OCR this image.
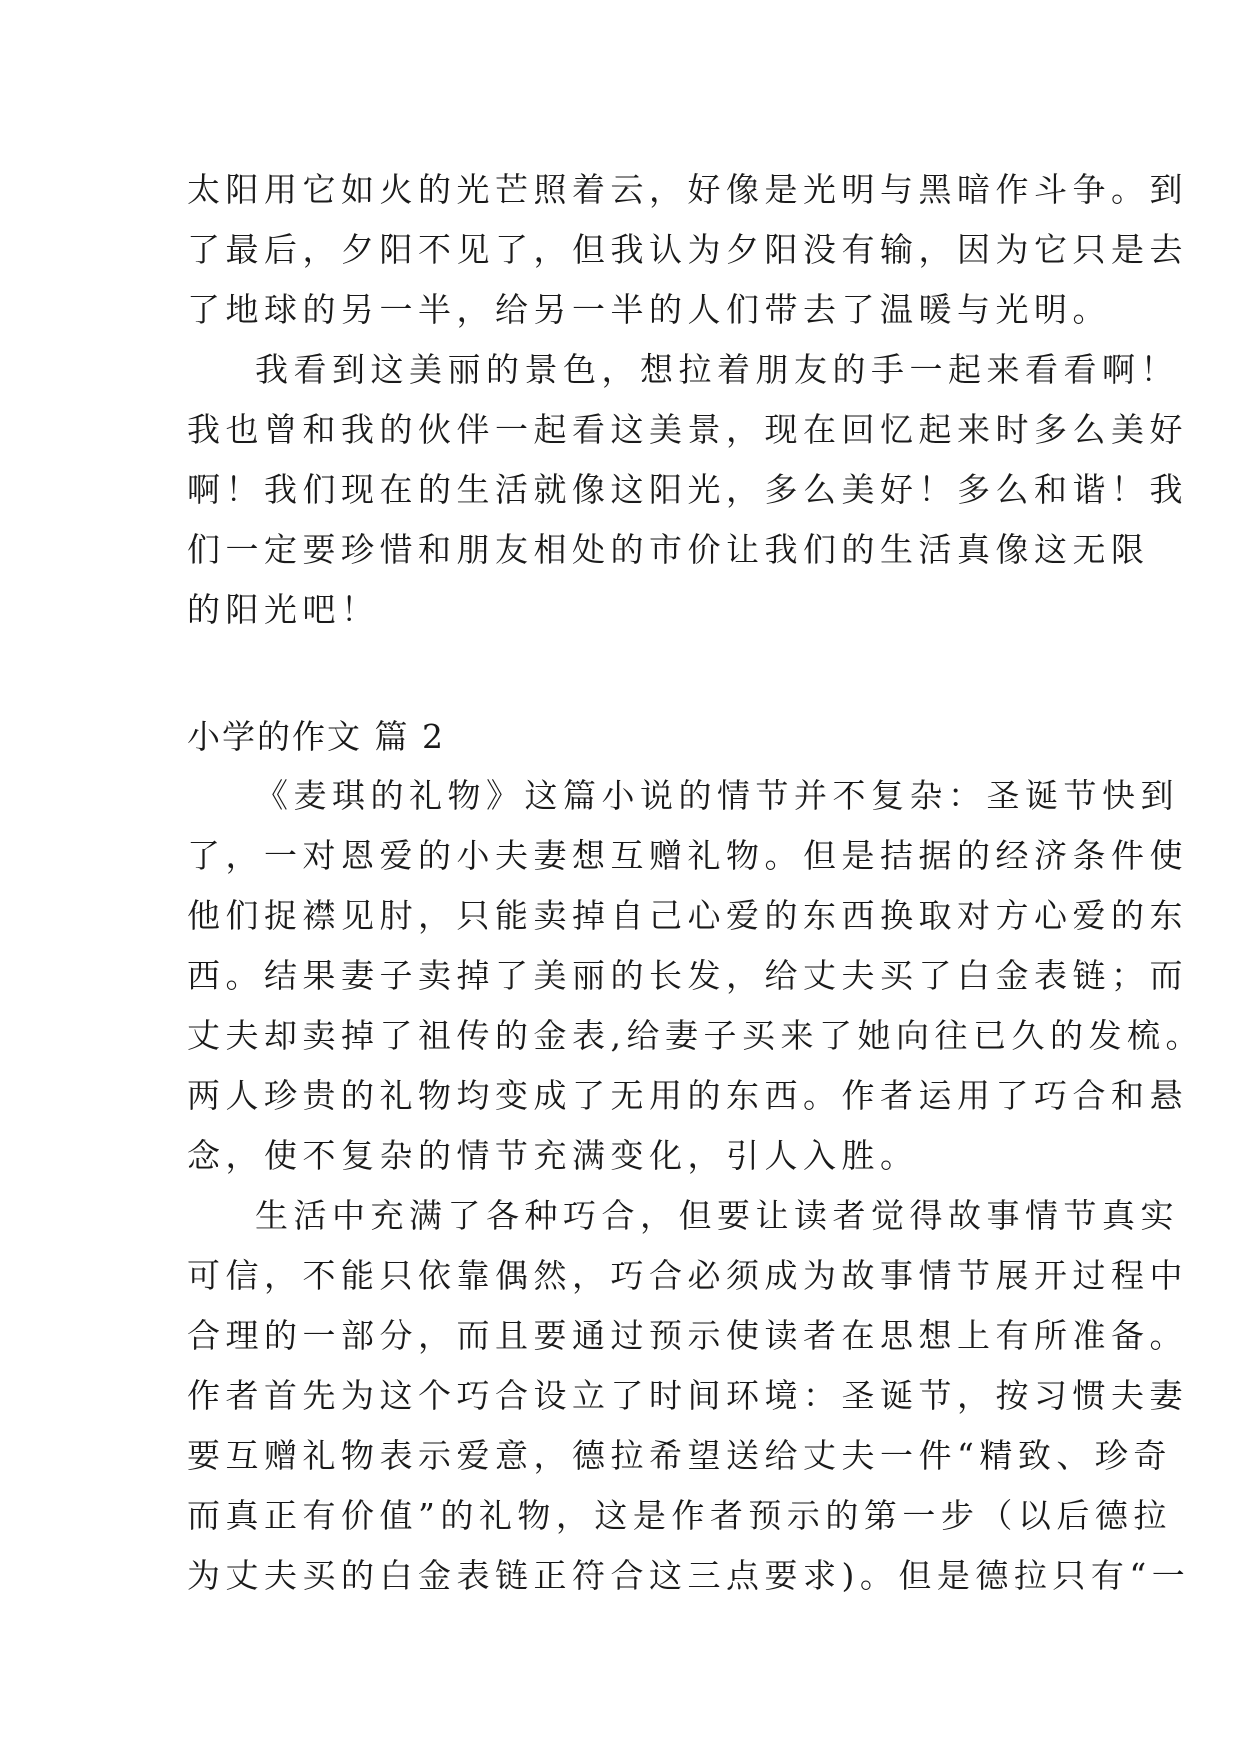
太阳用它如火的光芒照着云，好像是光明与黑暗作斗争。到
了最后，夕阳不见了，但我认为夕阳没有输，因为它只是去
了地球的另一半，给另一半的人们带去了温暖与光明。
我看到这美丽的景色，想拉着朋友的手一起来看看啊！
我也曾和我的伙伴一起看这美景，现在回忆起来时多么美好
啊！我们现在的生活就像这阳光，多么美好！多么和谐！我
们一定要珍惜和朋友相处的市价让我们的生活真像这无限
的阳光吧！
小学的作文 篇 2
《麦琪的礼物》这篇小说的情节并不复杂：圣诞节快到
了，一对恩爱的小夫妻想互赠礼物。但是拮据的经济条件使
他们捉襟见肘，只能卖掉自己心爱的东西换取对方心爱的东
西。结果妻子卖掉了美丽的长发，给丈夫买了白金表链；而
丈夫却卖掉了祖传的金表,给妻子买来了她向往已久的发梳。
两人珍贵的礼物均变成了无用的东西。作者运用了巧合和悬
念，使不复杂的情节充满变化，引人入胜。
生活中充满了各种巧合，但要让读者觉得故事情节真实
可信，不能只依靠偶然，巧合必须成为故事情节展开过程中
合理的一部分，而且要通过预示使读者在思想上有所准备。
作者首先为这个巧合设立了时间环境：圣诞节，按习惯夫妻
要互赠礼物表示爱意，德拉希望送给丈夫一件“精致、珍奇
而真正有价值”的礼物，这是作者预示的第一步（以后德拉
为丈夫买的白金表链正符合这三点要求)。但是德拉只有“一
